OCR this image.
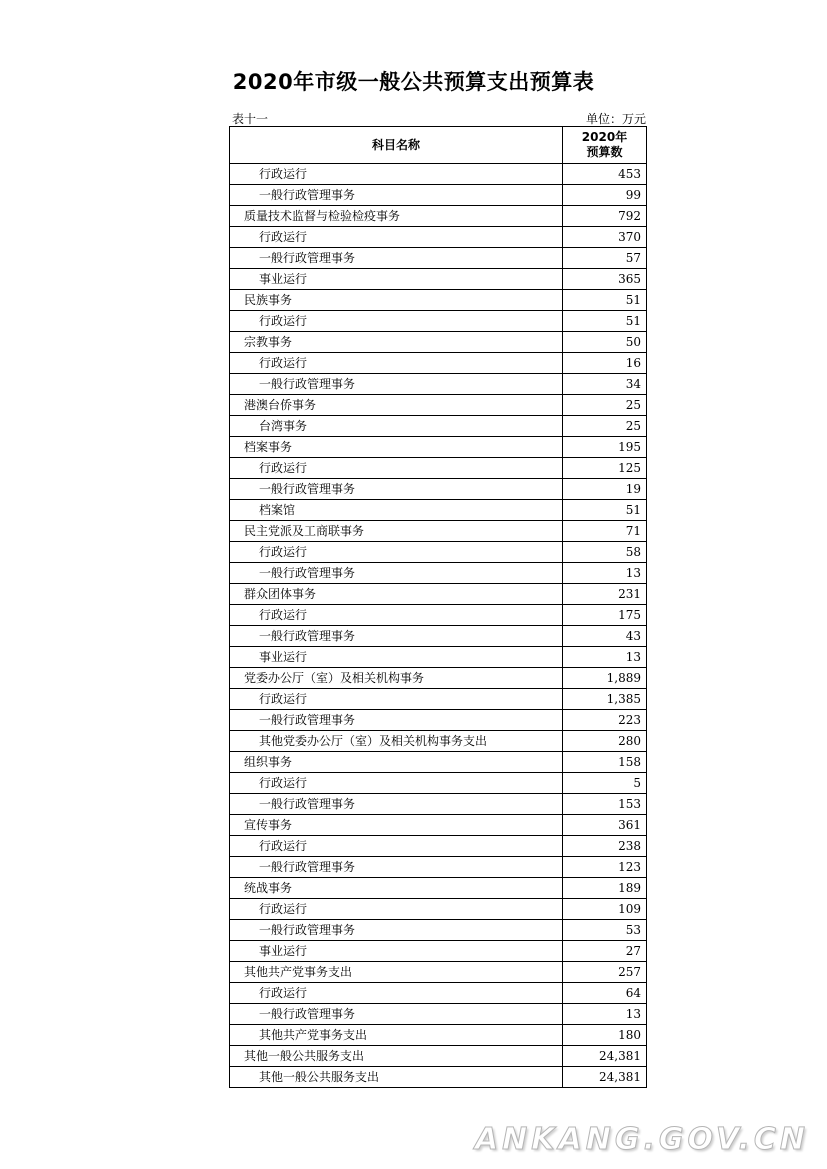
2020年市级一般公共预算支出预算表
表十一	单位：万元
科目名称	2020年
预算数

行政运行	453
一般行政管理事务	99
质量技术监督与检验检疫事务	792
行政运行	370
一般行政管理事务	57
事业运行	365
民族事务	51
行政运行	51
宗教事务	50
行政运行	16
一般行政管理事务	34
港澳台侨事务	25
台湾事务	25
档案事务	195
行政运行	125
一般行政管理事务	19
档案馆	51
民主党派及工商联事务	71
行政运行	58
一般行政管理事务	13
群众团体事务	231
行政运行	175
一般行政管理事务	43
事业运行	13
党委办公厅（室）及相关机构事务	1,889
行政运行	1,385
一般行政管理事务	223
其他党委办公厅（室）及相关机构事务支出	280
组织事务	158
行政运行	5
一般行政管理事务	153
宣传事务	361
行政运行	238
一般行政管理事务	123
统战事务	189
行政运行	109
一般行政管理事务	53
事业运行	27
其他共产党事务支出	257
行政运行	64
一般行政管理事务	13
其他共产党事务支出	180
其他一般公共服务支出	24,381
其他一般公共服务支出	24,381
ANKANG.GOV.CN
